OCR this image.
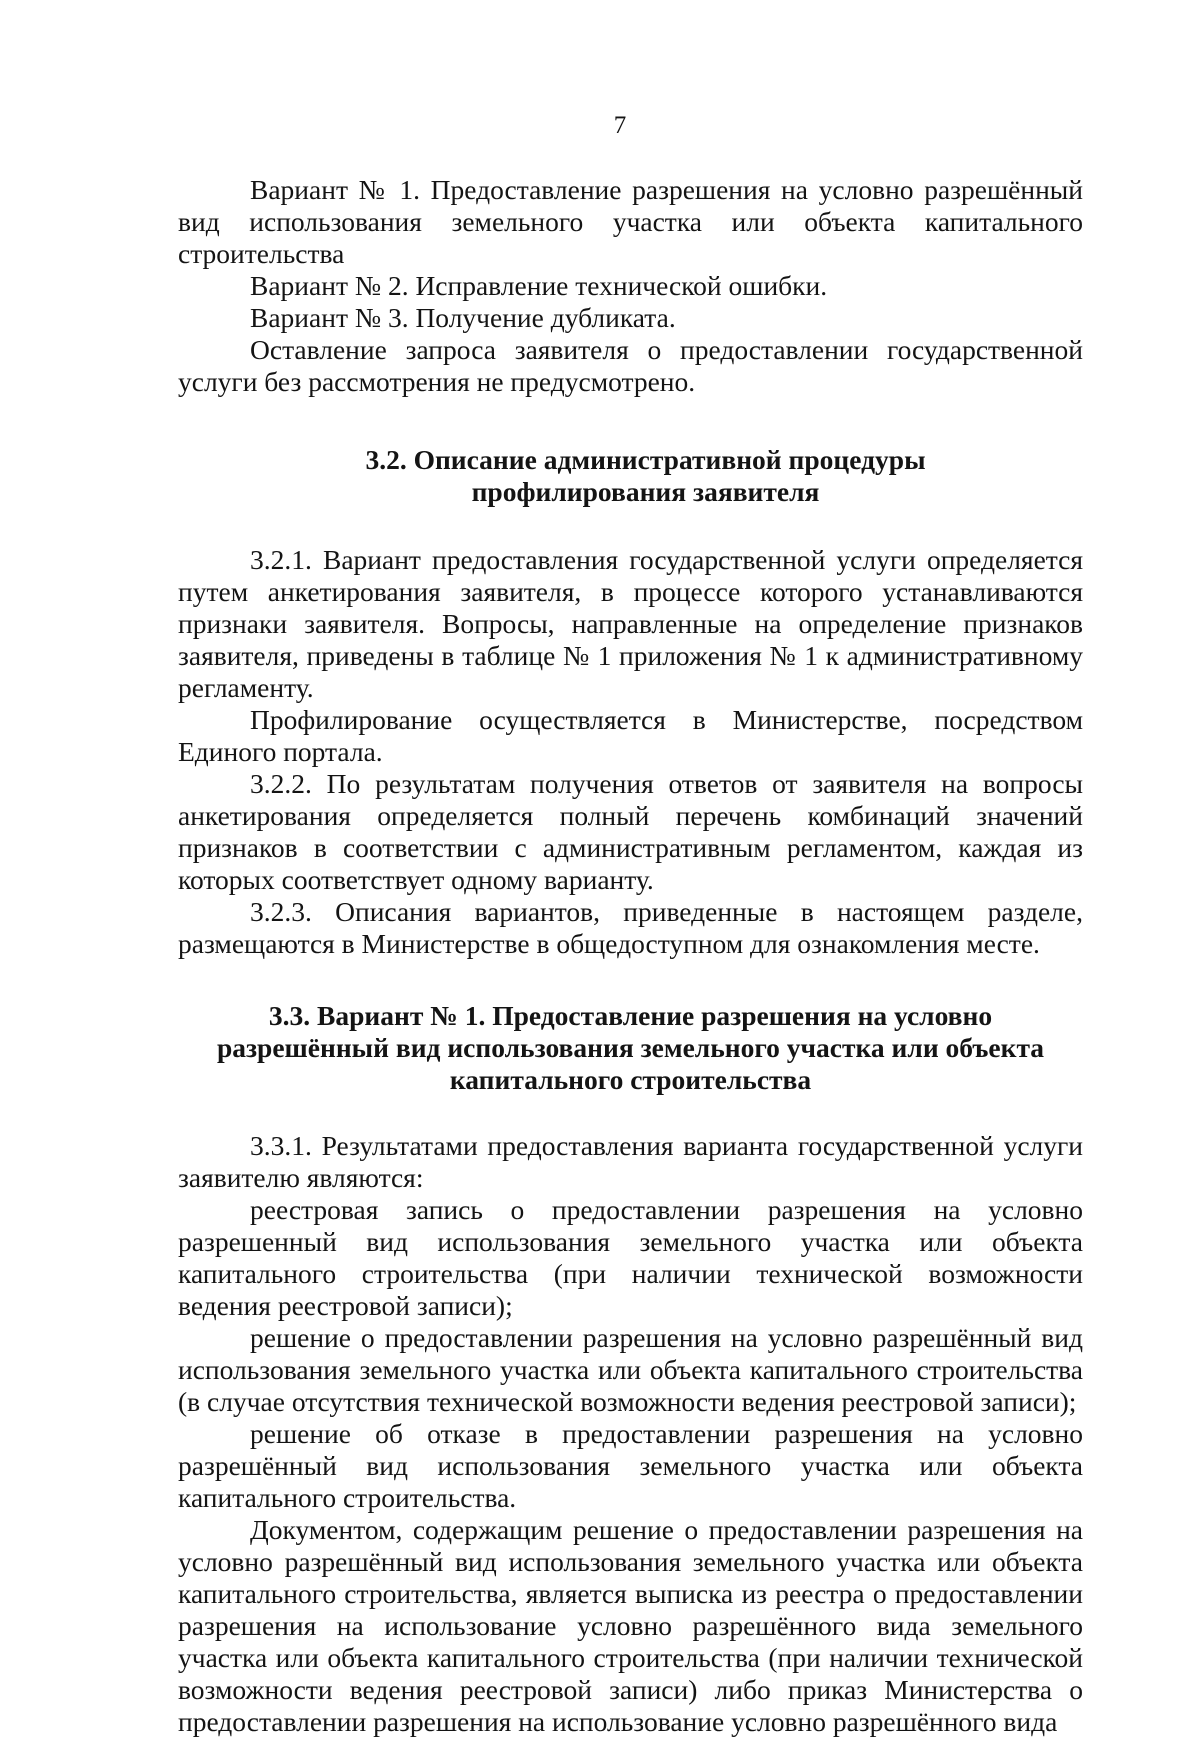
7

Вариант № 1. Предоставление разрешения на условно разрешённый вид использования земельного участка или объекта капитального строительства

Вариант № 2. Исправление технической ошибки.

Вариант № 3. Получение дубликата.

Оставление запроса заявителя о предоставлении государственной услуги без рассмотрения не предусмотрено.

3.2. Описание административной процедуры
профилирования заявителя

3.2.1. Вариант предоставления государственной услуги определяется путем анкетирования заявителя, в процессе которого устанавливаются признаки заявителя. Вопросы, направленные на определение признаков заявителя, приведены в таблице № 1 приложения № 1 к административному регламенту.

Профилирование осуществляется в Министерстве, посредством Единого портала.

3.2.2. По результатам получения ответов от заявителя на вопросы анкетирования определяется полный перечень комбинаций значений признаков в соответствии с административным регламентом, каждая из которых соответствует одному варианту.

3.2.3. Описания вариантов, приведенные в настоящем разделе, размещаются в Министерстве в общедоступном для ознакомления месте.

3.3. Вариант № 1. Предоставление разрешения на условно
разрешённый вид использования земельного участка или объекта
капитального строительства

3.3.1. Результатами предоставления варианта государственной услуги заявителю являются:

реестровая запись о предоставлении разрешения на условно разрешенный вид использования земельного участка или объекта капитального строительства (при наличии технической возможности ведения реестровой записи);

решение о предоставлении разрешения на условно разрешённый вид использования земельного участка или объекта капитального строительства (в случае отсутствия технической возможности ведения реестровой записи);

решение об отказе в предоставлении разрешения на условно разрешённый вид использования земельного участка или объекта капитального строительства.

Документом, содержащим решение о предоставлении разрешения на условно разрешённый вид использования земельного участка или объекта капитального строительства, является выписка из реестра о предоставлении разрешения на использование условно разрешённого вида земельного участка или объекта капитального строительства (при наличии технической возможности ведения реестровой записи) либо приказ Министерства о предоставлении разрешения на использование условно разрешённого вида
